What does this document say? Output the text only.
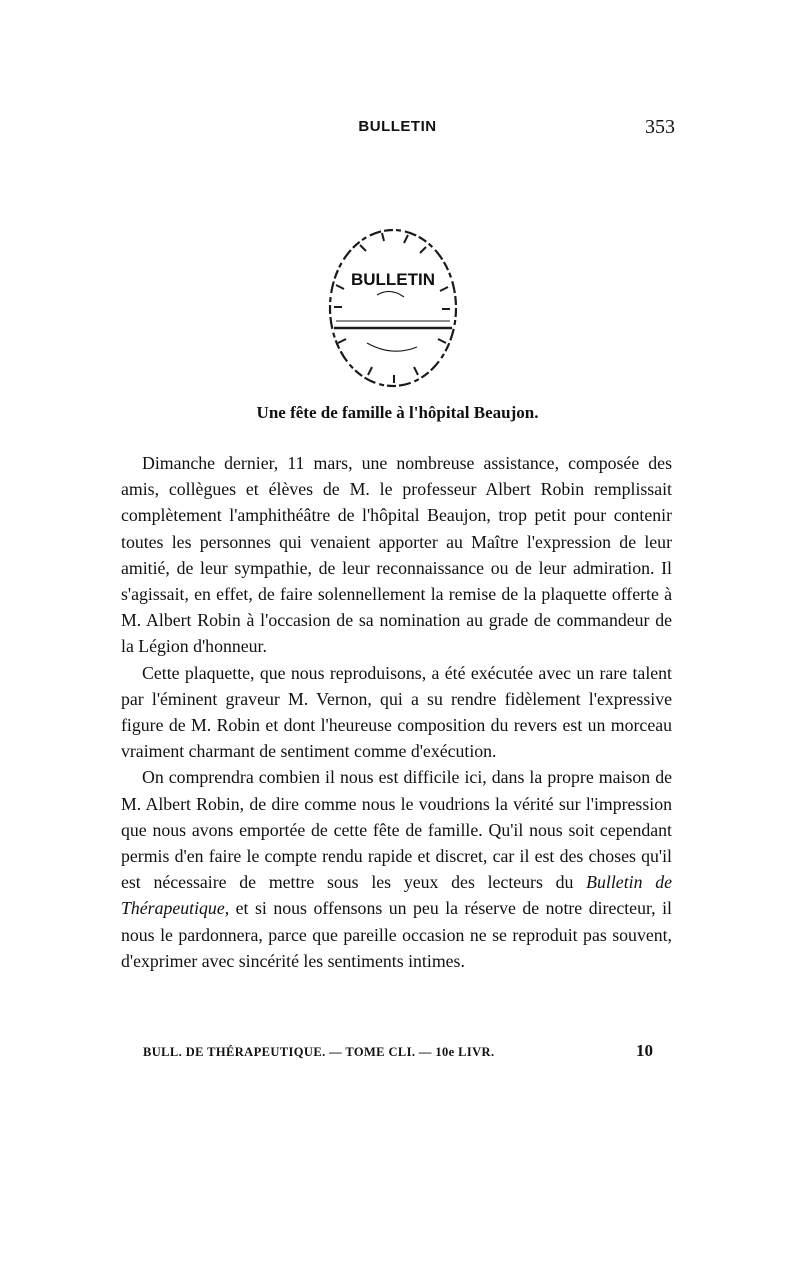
BULLETIN	353
BULLETIN
Une fête de famille à l'hôpital Beaujon.

Dimanche dernier, 11 mars, une nombreuse assistance, composée des amis, collègues et élèves de M. le professeur Albert Robin remplissait complètement l'amphithéâtre de l'hôpital Beaujon, trop petit pour contenir toutes les personnes qui venaient apporter au Maître l'expression de leur amitié, de leur sympathie, de leur reconnaissance ou de leur admiration. Il s'agissait, en effet, de faire solennellement la remise de la plaquette offerte à M. Albert Robin à l'occasion de sa nomination au grade de commandeur de la Légion d'honneur.

Cette plaquette, que nous reproduisons, a été exécutée avec un rare talent par l'éminent graveur M. Vernon, qui a su rendre fidèlement l'expressive figure de M. Robin et dont l'heureuse composition du revers est un morceau vraiment charmant de sentiment comme d'exécution.

On comprendra combien il nous est difficile ici, dans la propre maison de M. Albert Robin, de dire comme nous le voudrions la vérité sur l'impression que nous avons emportée de cette fête de famille. Qu'il nous soit cependant permis d'en faire le compte rendu rapide et discret, car il est des choses qu'il est nécessaire de mettre sous les yeux des lecteurs du Bulletin de Thérapeutique, et si nous offensons un peu la réserve de notre directeur, il nous le pardonnera, parce que pareille occasion ne se reproduit pas souvent, d'exprimer avec sincérité les sentiments intimes.

BULL. DE THÉRAPEUTIQUE. — TOME CLI. — 10e LIVR.	10
